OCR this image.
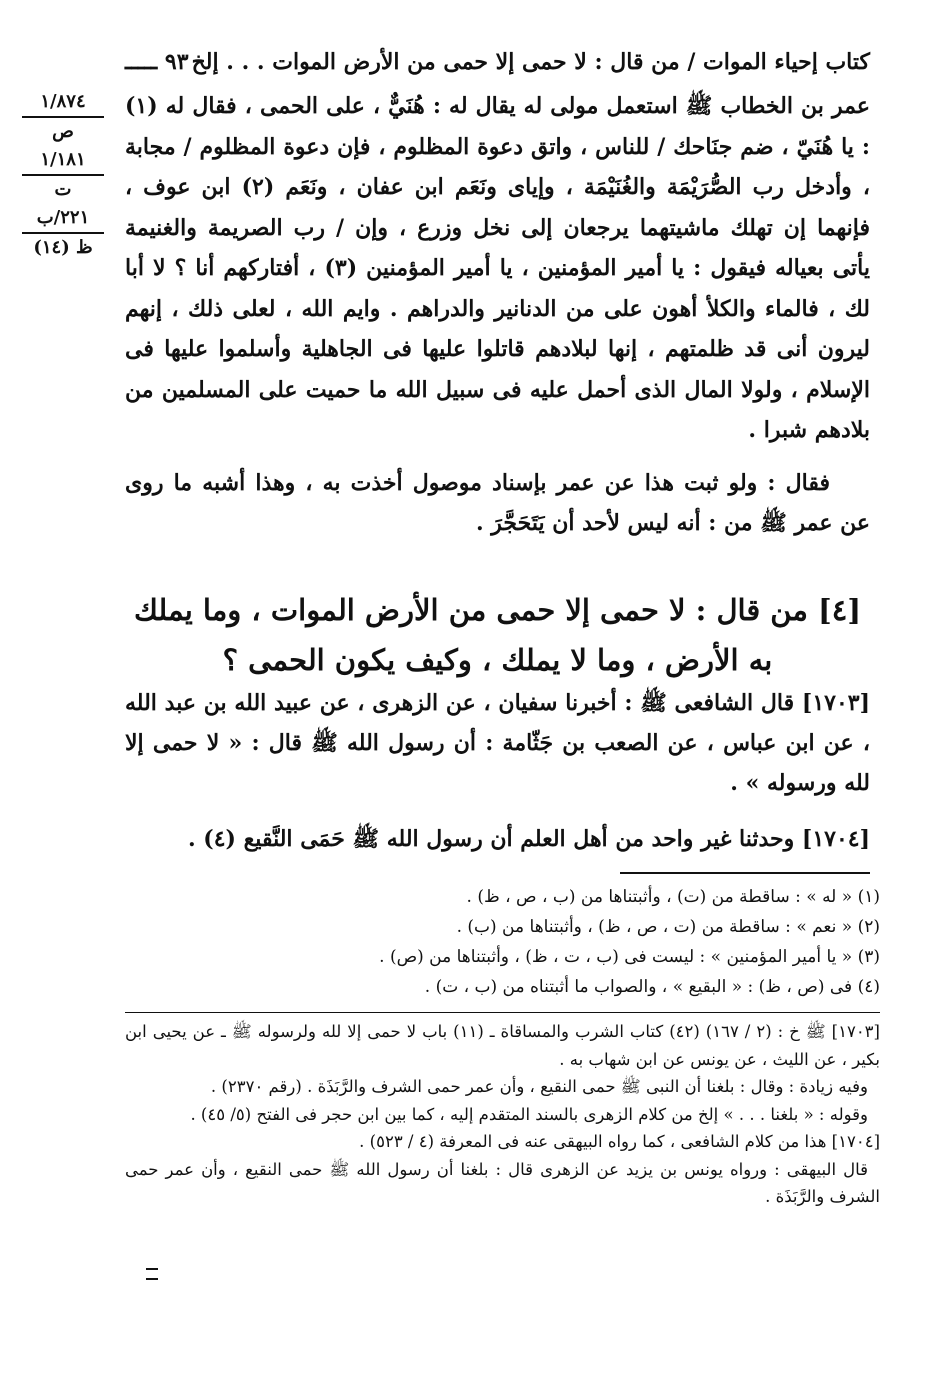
كتاب إحياء الموات / من قال : لا حمى إلا حمى من الأرض الموات . . . إلخ
٩٣ ـــــ
١/٨٧٤
ص
١/١٨١
ت
٢٢١/ب
ظ (١٤)

عمر بن الخطاب ﷺ استعمل مولى له يقال له : هُنَيٌّ ، على الحمى ، فقال له (١) : يا هُنَيّ ، ضم جنَاحك / للناس ، واتق دعوة المظلوم ، فإن دعوة المظلوم / مجابة ، وأدخل رب الصُّرَيْمَة والغُنَيْمَة ، وإياى ونَعَم ابن عفان ، ونَعَم (٢) ابن عوف ، فإنهما إن تهلك ماشيتهما يرجعان إلى نخل وزرع ، وإن / رب الصريمة والغنيمة يأتى بعياله فيقول : يا أمير المؤمنين ، يا أمير المؤمنين (٣) ، أفتاركهم أنا ؟ لا أبا لك ، فالماء والكلأ أهون على من الدنانير والدراهم . وايم الله ، لعلى ذلك ، إنهم ليرون أنى قد ظلمتهم ، إنها لبلادهم قاتلوا عليها فى الجاهلية وأسلموا عليها فى الإسلام ، ولولا المال الذى أحمل عليه فى سبيل الله ما حميت على المسلمين من بلادهم شبرا .

فقال : ولو ثبت هذا عن عمر بإسناد موصول أخذت به ، وهذا أشبه ما روى عن عمر ﷺ من : أنه ليس لأحد أن يَتَحَجَّرَ .

[٤] من قال : لا حمى إلا حمى من الأرض الموات ، وما يملك به الأرض ، وما لا يملك ، وكيف يكون الحمى ؟

[١٧٠٣] قال الشافعى ﷺ : أخبرنا سفيان ، عن الزهرى ، عن عبيد الله بن عبد الله ، عن ابن عباس ، عن الصعب بن جَثّامة : أن رسول الله ﷺ قال : « لا حمى إلا لله ورسوله » .

[١٧٠٤] وحدثنا غير واحد من أهل العلم أن رسول الله ﷺ حَمَى النَّقيع (٤) .

(١) « له » : ساقطة من (ت) ، وأثبتناها من (ب ، ص ، ظ) .

(٢) « نعم » : ساقطة من (ت ، ص ، ظ) ، وأثبتناها من (ب) .

(٣) « يا أمير المؤمنين » : ليست فى (ب ، ت ، ظ) ، وأثبتناها من (ص) .

(٤) فى (ص ، ظ) : « البقيع » ، والصواب ما أثبتناه من (ب ، ت) .

[١٧٠٣] ﷺ خ : (٢ / ١٦٧) (٤٢) كتاب الشرب والمساقاة ـ (١١) باب لا حمى إلا لله ولرسوله ﷺ ـ عن يحيى ابن بكير ، عن الليث ، عن يونس عن ابن شهاب به .

وفيه زيادة : وقال : بلغنا أن النبى ﷺ حمى النقيع ، وأن عمر حمى الشرف والرَّبَذَة . (رقم ٢٣٧٠) .

وقوله : « بلغنا . . . » إلخ من كلام الزهرى بالسند المتقدم إليه ، كما بين ابن حجر فى الفتح (٥/ ٤٥) .

[١٧٠٤] هذا من كلام الشافعى ، كما رواه البيهقى عنه فى المعرفة (٤ / ٥٢٣) .

قال البيهقى : ورواه يونس بن يزيد عن الزهرى قال : بلغنا أن رسول الله ﷺ حمى النقيع ، وأن عمر حمى الشرف والرَّبَذَة .
